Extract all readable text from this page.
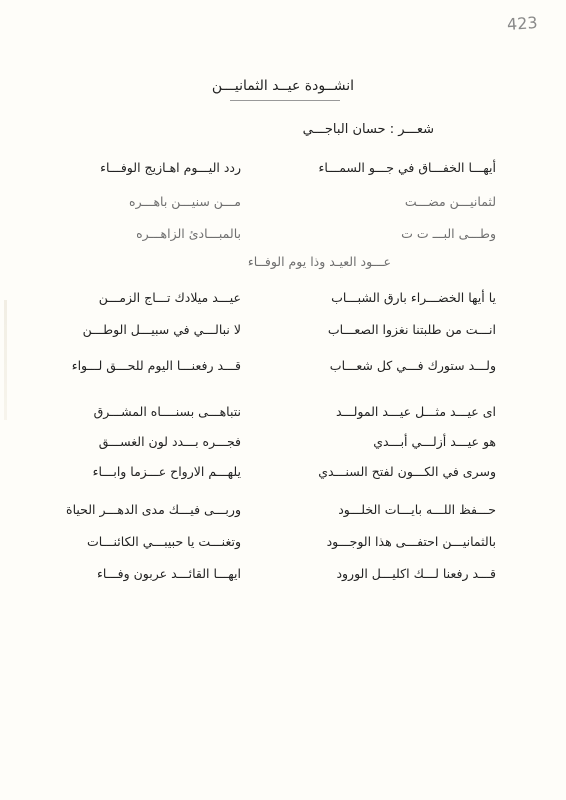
423
انشــودة عيــد الثمانيـــن
شعـــر : حسان الباجـــي
أيهـــا الخفـــاق في جـــو السمـــاء
ردد اليـــوم اهـازيج الوفـــاء
لثمانيـــن مضـــت
مـــن سنيـــن باهـــره
وطـــى البـــ ت ت
بالمبـــادئ الزاهـــره
عـــود العيـد وذا يوم الوفــاء
يا أيها الخضـــراء بارق الشبـــاب
عيـــد ميلادك تـــاج الزمـــن
انـــت من طلبتنا نغزوا الصعـــاب
لا نبالـــي في سبيـــل الوطـــن
ولـــد ستورك فـــي كل شعـــاب
قـــد رفعنـــا اليوم للحـــق لـــواء
اى عيـــد مثـــل عيـــد المولـــد
نتباهـــى بسنــــاه المشـــرق
هو عيـــد أزلـــي أبـــدي
فجـــره بـــدد لون الغســـق
وسرى في الكـــون لفتح السنـــدي
يلهـــم الارواح عـــزما وابـــاء
حـــفظ اللـــه بايـــات الخلـــود
وربـــى فيـــك مدى الدهـــر الحياة
بالثمانيـــن احتفـــى هذا الوجـــود
وتغنـــت يا حبيبـــي الكائنـــات
قـــد رفعنا لـــك اكليـــل الورود
ايهـــا القائـــد عربون وفـــاء
